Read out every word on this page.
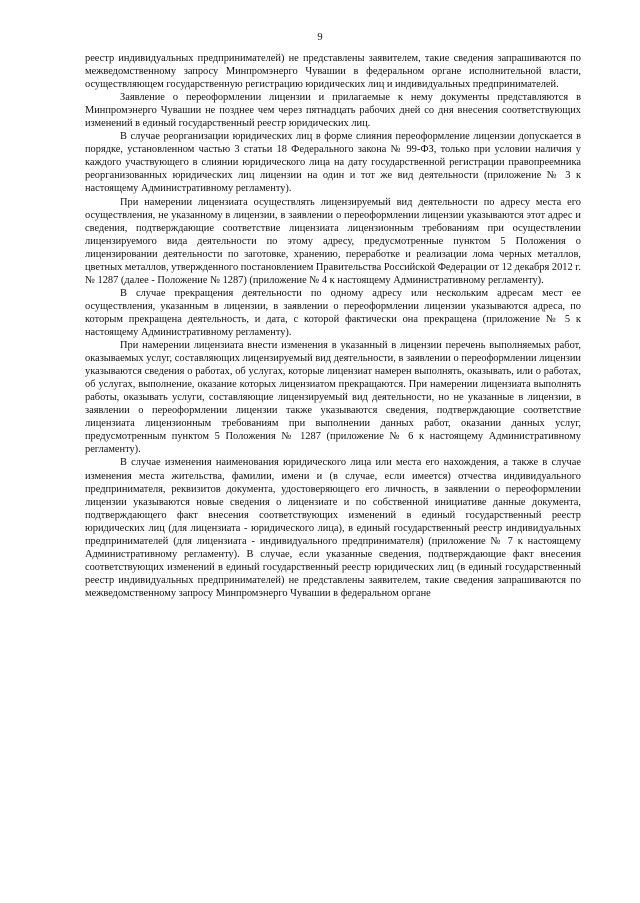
9

реестр индивидуальных предпринимателей) не представлены заявителем, такие сведения запрашиваются по межведомственному запросу Минпромэнерго Чувашии в федеральном органе исполнительной власти, осуществляющем государственную регистрацию юридических лиц и индивидуальных предпринимателей.

Заявление о переоформлении лицензии и прилагаемые к нему документы представляются в Минпромэнерго Чувашии не позднее чем через пятнадцать рабочих дней со дня внесения соответствующих изменений в единый государственный реестр юридических лиц.

В случае реорганизации юридических лиц в форме слияния переоформление лицензии допускается в порядке, установленном частью 3 статьи 18 Федерального закона № 99-ФЗ, только при условии наличия у каждого участвующего в слиянии юридического лица на дату государственной регистрации правопреемника реорганизованных юридических лиц лицензии на один и тот же вид деятельности (приложение № 3 к настоящему Административному регламенту).

При намерении лицензиата осуществлять лицензируемый вид деятельности по адресу места его осуществления, не указанному в лицензии, в заявлении о переоформлении лицензии указываются этот адрес и сведения, подтверждающие соответствие лицензиата лицензионным требованиям при осуществлении лицензируемого вида деятельности по этому адресу, предусмотренные пунктом 5 Положения о лицензировании деятельности по заготовке, хранению, переработке и реализации лома черных металлов, цветных металлов, утвержденного постановлением Правительства Российской Федерации от 12 декабря 2012 г. № 1287 (далее - Положение № 1287) (приложение № 4 к настоящему Административному регламенту).

В случае прекращения деятельности по одному адресу или нескольким адресам мест ее осуществления, указанным в лицензии, в заявлении о переоформлении лицензии указываются адреса, по которым прекращена деятельность, и дата, с которой фактически она прекращена (приложение № 5 к настоящему Административному регламенту).

При намерении лицензиата внести изменения в указанный в лицензии перечень выполняемых работ, оказываемых услуг, составляющих лицензируемый вид деятельности, в заявлении о переоформлении лицензии указываются сведения о работах, об услугах, которые лицензиат намерен выполнять, оказывать, или о работах, об услугах, выполнение, оказание которых лицензиатом прекращаются. При намерении лицензиата выполнять работы, оказывать услуги, составляющие лицензируемый вид деятельности, но не указанные в лицензии, в заявлении о переоформлении лицензии также указываются сведения, подтверждающие соответствие лицензиата лицензионным требованиям при выполнении данных работ, оказании данных услуг, предусмотренным пунктом 5 Положения № 1287 (приложение № 6 к настоящему Административному регламенту).

В случае изменения наименования юридического лица или места его нахождения, а также в случае изменения места жительства, фамилии, имени и (в случае, если имеется) отчества индивидуального предпринимателя, реквизитов документа, удостоверяющего его личность, в заявлении о переоформлении лицензии указываются новые сведения о лицензиате и по собственной инициативе данные документа, подтверждающего факт внесения соответствующих изменений в единый государственный реестр юридических лиц (для лицензиата - юридического лица), в единый государственный реестр индивидуальных предпринимателей (для лицензиата - индивидуального предпринимателя) (приложение № 7 к настоящему Административному регламенту). В случае, если указанные сведения, подтверждающие факт внесения соответствующих изменений в единый государственный реестр юридических лиц (в единый государственный реестр индивидуальных предпринимателей) не представлены заявителем, такие сведения запрашиваются по межведомственному запросу Минпромэнерго Чувашии в федеральном органе
